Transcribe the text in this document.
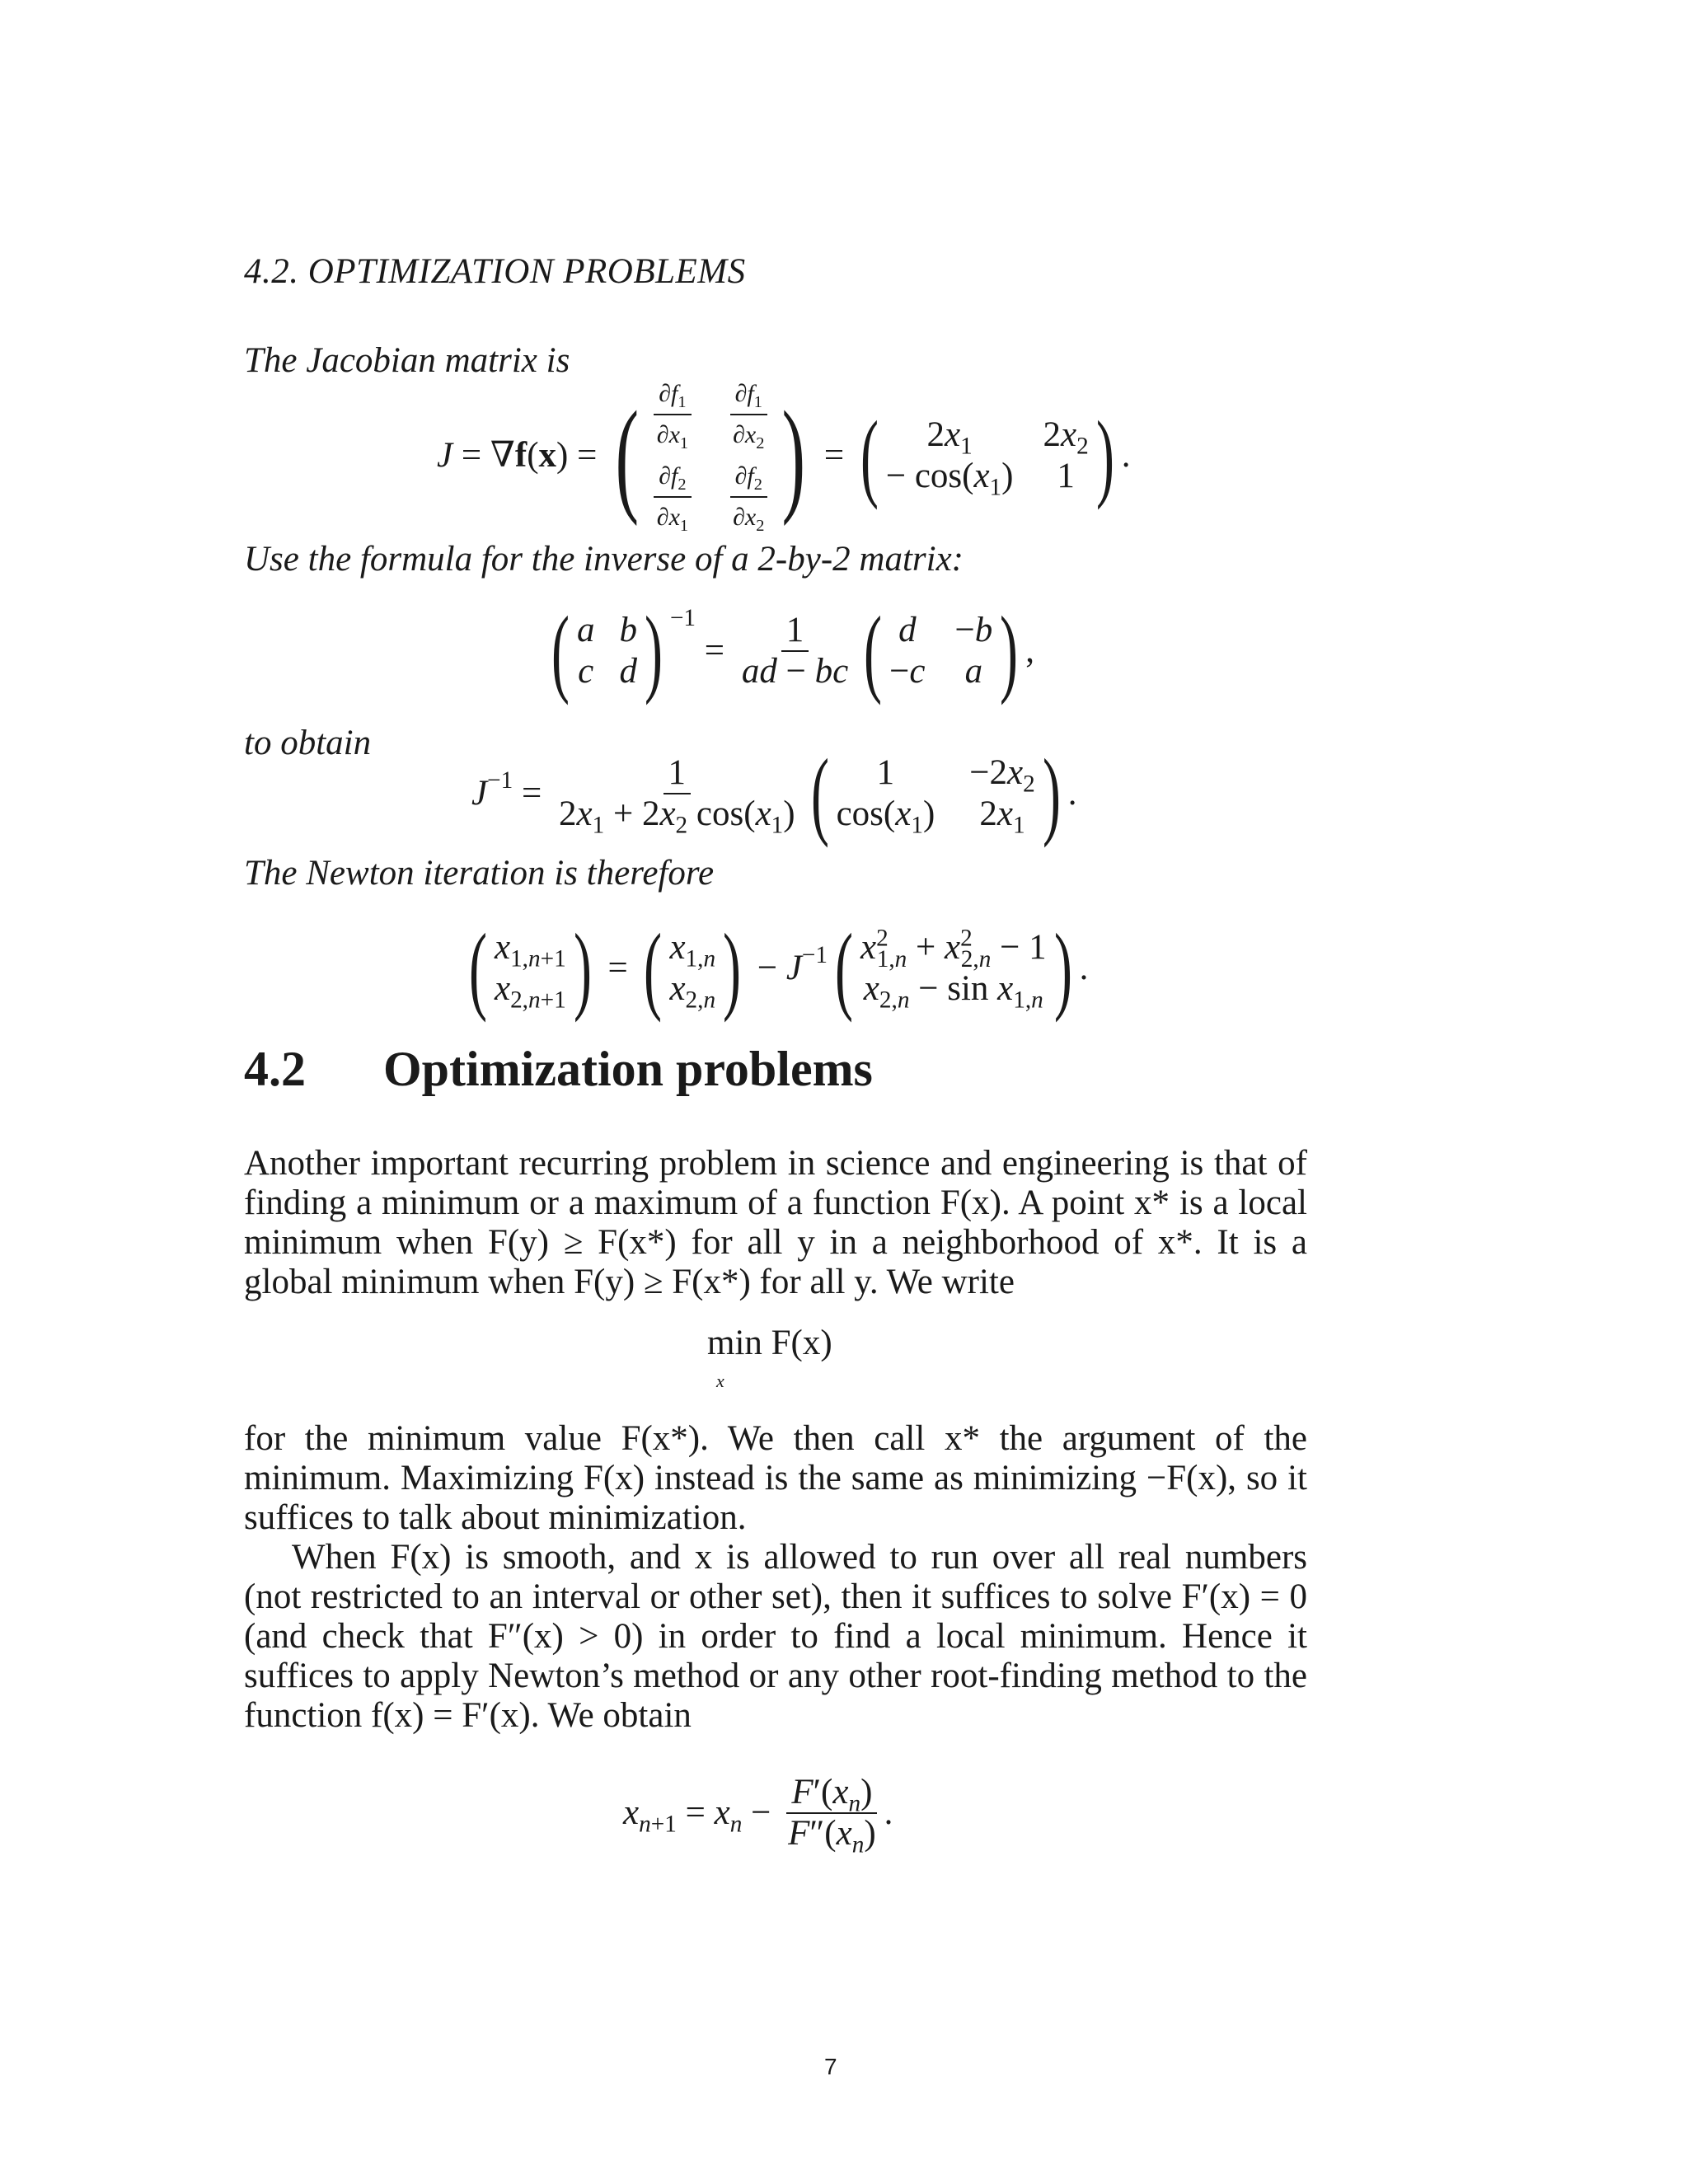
4.2. OPTIMIZATION PROBLEMS
The Jacobian matrix is
J = ∇ f ( x ) = ( $\frac{\partial f_1}{\partial x_1} \frac{\partial f_1}{\partial x_2}$
$\frac{\partial f_2}{\partial x_1} \frac{\partial f_2}{\partial x_2}$ ) = (	$2x_1$	$2x_2$
− $\cos(x_1)$	1 ) .
Use the formula for the inverse of a 2-by-2 matrix:
( a b
c d ) $^{-1}$
= $\frac{1}{ad - bc}$ ( d −b
−c a ) ,
to obtain
$J^{-1} = \frac{1}{2x_1 + 2x_2 \cos(x_1)}$ (	1	$-2x_2$
$\cos(x_1)$ $2x_1$ ) .
The Newton iteration is therefore
( $x_{1,n+1}$
$x_{2,n+1}$ ) = ( $x_{1,n}$
$x_{2,n}$ ) − $J^{-1}$ ( $x^2_{1,n} + x^2_{2,n} - 1$
$x_{2,n} - \sin x_{1,n}$ ) .
4.2 Optimization problems
Another important recurring problem in science and engineering is that of finding a minimum or a maximum of a function F(x). A point x* is a local minimum when F(y) ≥ F(x*) for all y in a neighborhood of x*. It is a global minimum when F(y) ≥ F(x*) for all y. We write
min F(x)
x
for the minimum value F(x*). We then call x* the argument of the minimum. Maximizing F(x) instead is the same as minimizing −F(x), so it suffices to talk about minimization.
When F(x) is smooth, and x is allowed to run over all real numbers (not restricted to an interval or other set), then it suffices to solve F′(x) = 0 (and check that F″(x) > 0) in order to find a local minimum. Hence it suffices to apply Newton’s method or any other root-finding method to the function f(x) = F′(x). We obtain
$x_{n+1} = x_n - \frac{F'(x_n)}{F''(x_n)}$ .
7
